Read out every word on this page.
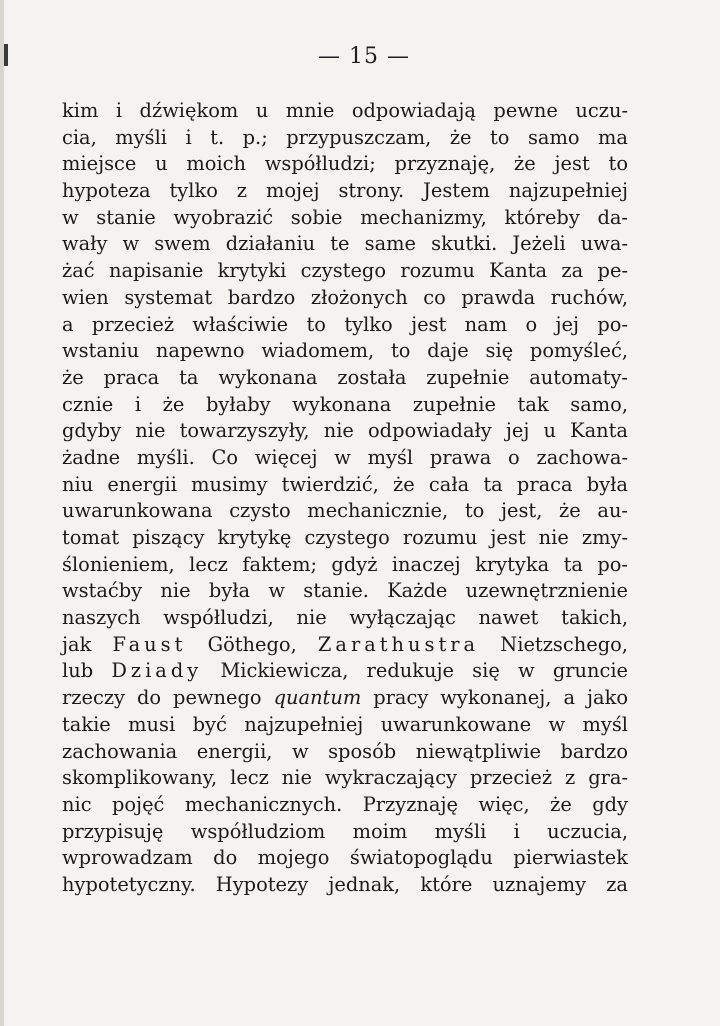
— 15 —
kim i dźwiękom u mnie odpowiadają pewne uczu-
cia, myśli i t. p.; przypuszczam, że to samo ma
miejsce u moich współludzi; przyznaję, że jest to
hypoteza tylko z mojej strony. Jestem najzupełniej
w stanie wyobrazić sobie mechanizmy, któreby da-
wały w swem działaniu te same skutki. Jeżeli uwa-
żać napisanie krytyki czystego rozumu Kanta za pe-
wien systemat bardzo złożonych co prawda ruchów,
a przecież właściwie to tylko jest nam o jej po-
wstaniu napewno wiadomem, to daje się pomyśleć,
że praca ta wykonana została zupełnie automaty-
cznie i że byłaby wykonana zupełnie tak samo,
gdyby nie towarzyszyły, nie odpowiadały jej u Kanta
żadne myśli. Co więcej w myśl prawa o zachowa-
niu energii musimy twierdzić, że cała ta praca była
uwarunkowana czysto mechanicznie, to jest, że au-
tomat piszący krytykę czystego rozumu jest nie zmy-
ślonieniem, lecz faktem; gdyż inaczej krytyka ta po-
wstaćby nie była w stanie. Każde uzewnętrznienie
naszych współludzi, nie wyłączając nawet takich,
jak Faust Göthego, Zarathustra Nietzschego,
lub Dziady Mickiewicza, redukuje się w gruncie
rzeczy do pewnego quantum pracy wykonanej, a jako
takie musi być najzupełniej uwarunkowane w myśl
zachowania energii, w sposób niewątpliwie bardzo
skomplikowany, lecz nie wykraczający przecież z gra-
nic pojęć mechanicznych. Przyznaję więc, że gdy
przypisuję współludziom moim myśli i uczucia,
wprowadzam do mojego światopoglądu pierwiastek
hypotetyczny. Hypotezy jednak, które uznajemy za
